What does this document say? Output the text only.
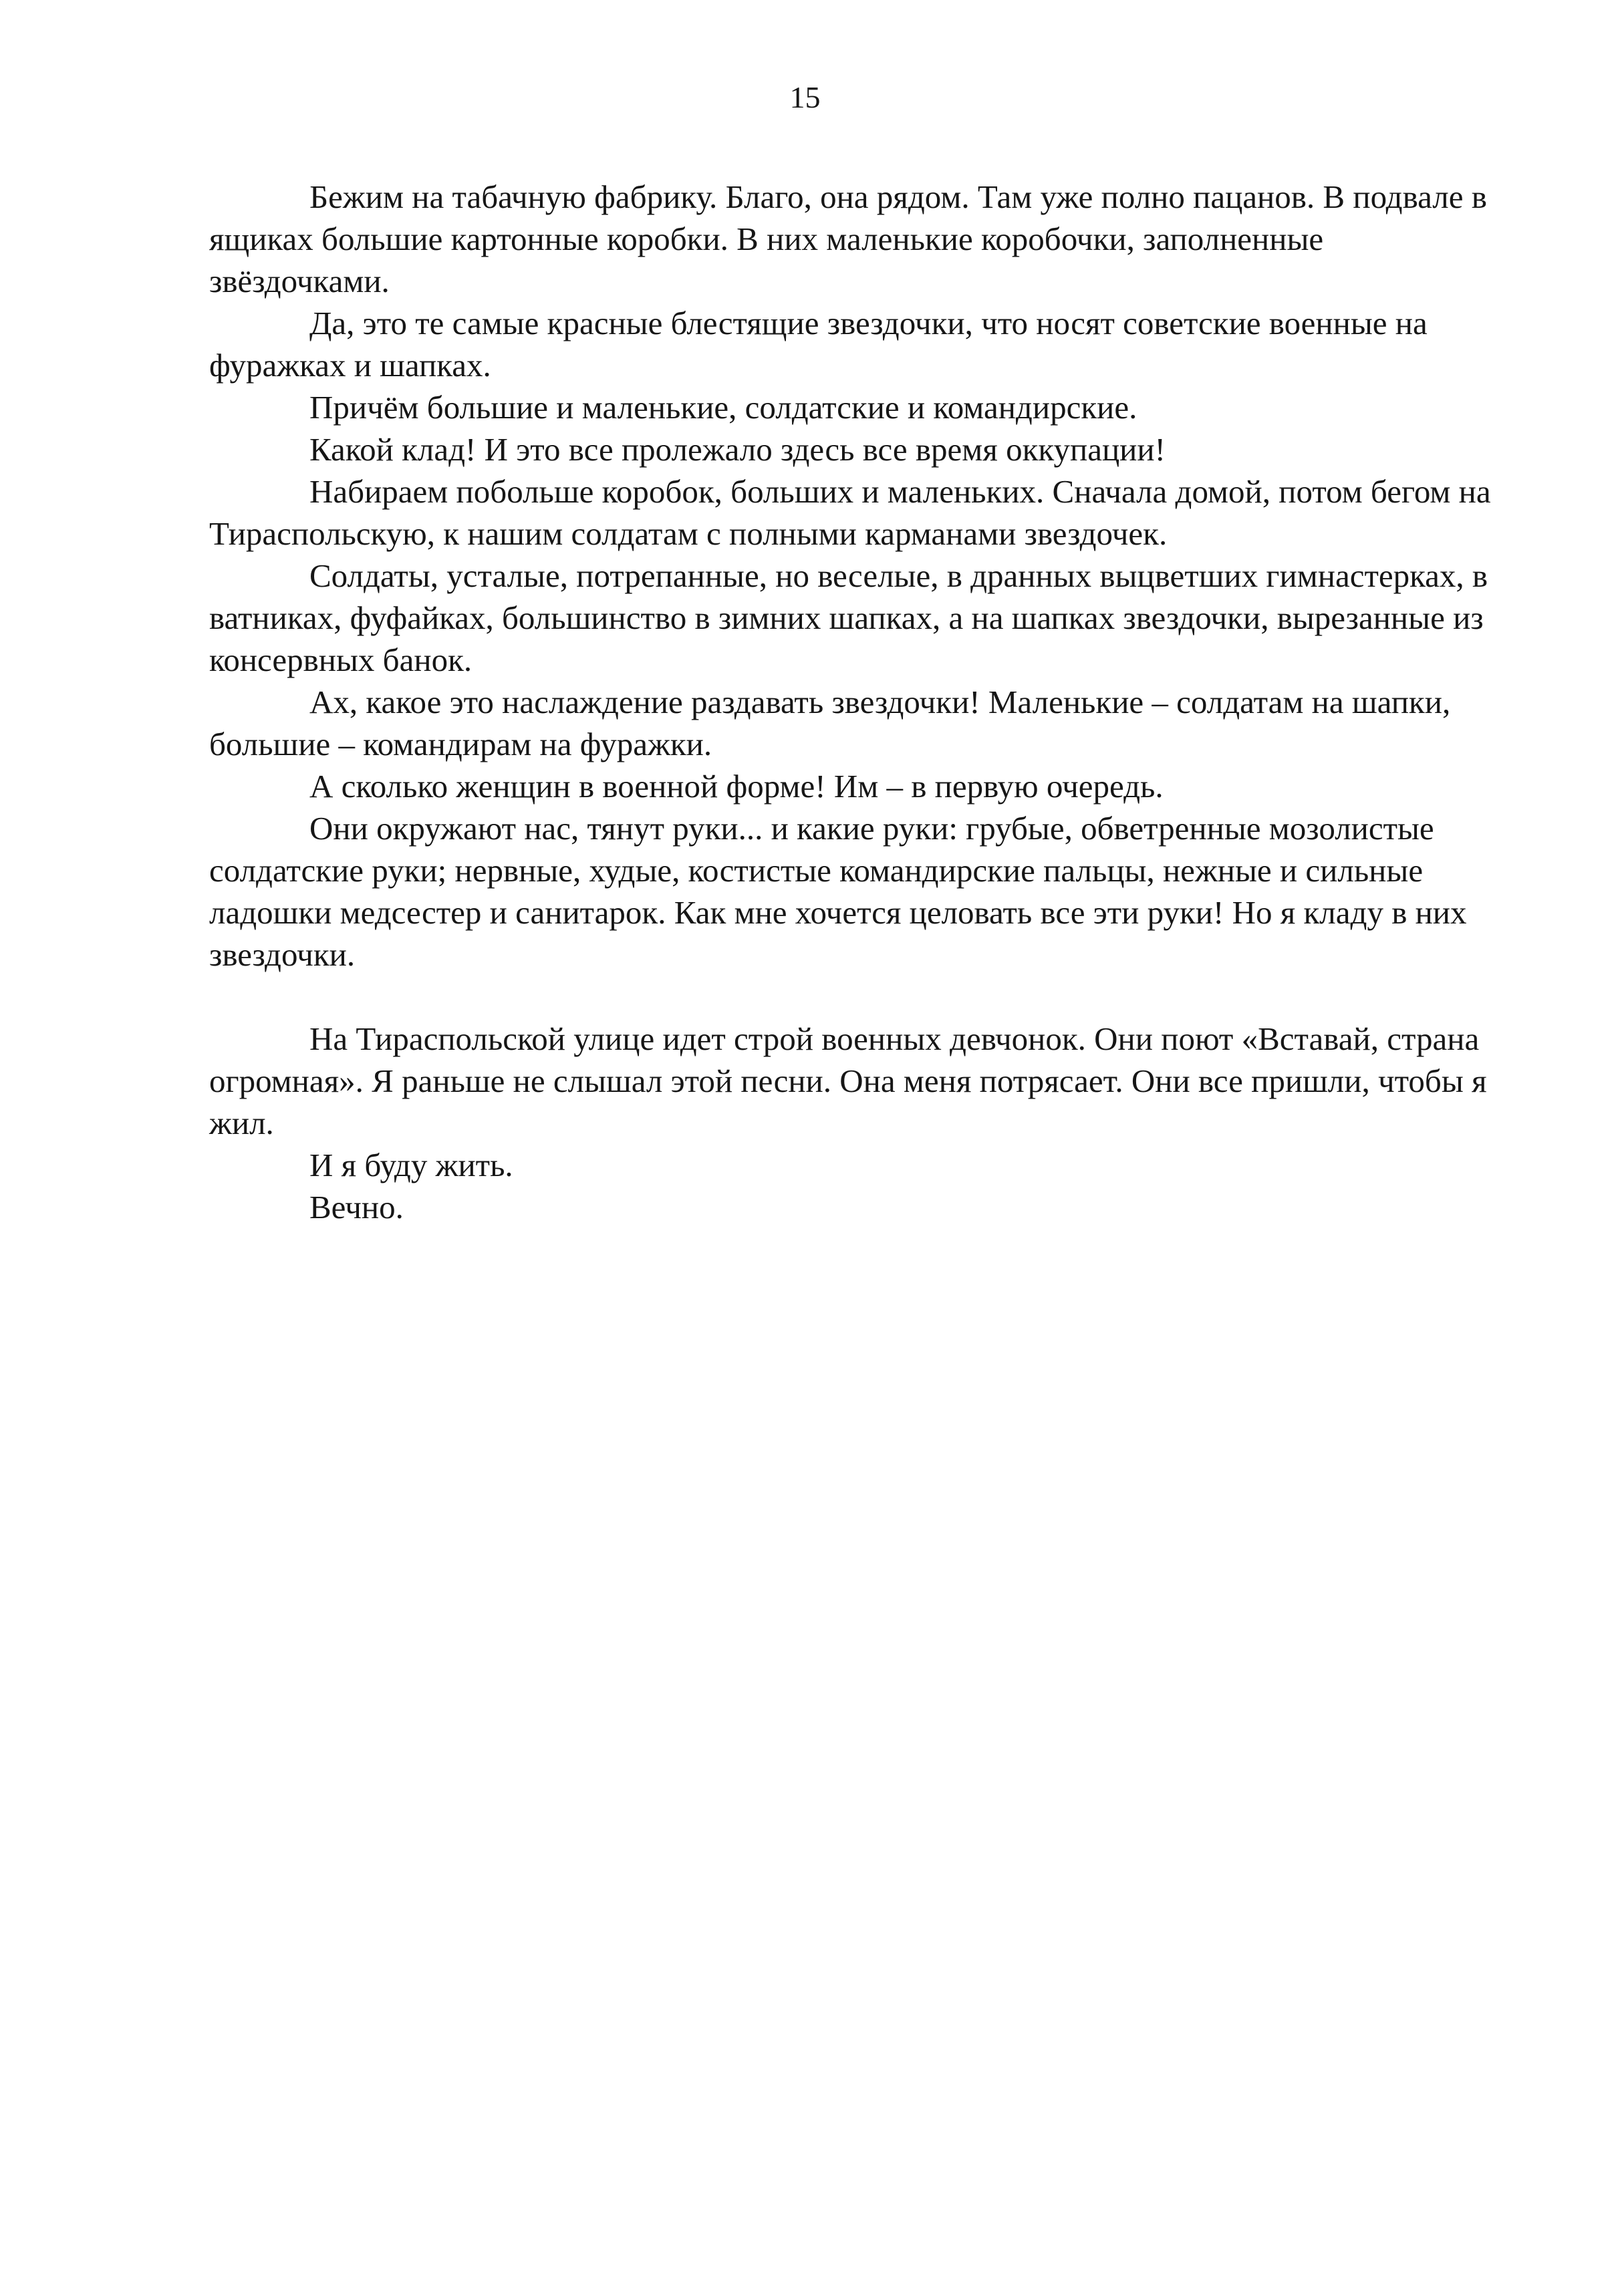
15

Бежим на табачную фабрику. Благо, она рядом. Там уже полно пацанов. В подвале в ящиках большие картонные коробки. В них маленькие коробочки, заполненные звёздочками.

Да, это те самые красные блестящие звездочки, что носят советские военные на фуражках и шапках.

Причём большие и маленькие, солдатские и командирские.

Какой клад! И это все пролежало здесь все время оккупации!

Набираем побольше коробок, больших и маленьких. Сначала домой, потом бегом на Тираспольскую, к нашим солдатам с полными карманами звездочек.

Солдаты, усталые, потрепанные, но веселые, в дранных выцветших гимнастерках, в ватниках, фуфайках, большинство в зимних шапках, а на шапках звездочки, вырезанные из консервных банок.

Ах, какое это наслаждение раздавать звездочки! Маленькие – солдатам на шапки, большие – командирам на фуражки.

А сколько женщин в военной форме! Им – в первую очередь.

Они окружают нас, тянут руки... и какие руки: грубые, обветренные мозолистые солдатские руки; нервные, худые, костистые командирские пальцы, нежные и сильные ладошки медсестер и санитарок. Как мне хочется целовать все эти руки! Но я кладу в них звездочки.

На Тираспольской улице идет строй военных девчонок. Они поют «Вставай, страна огромная». Я раньше не слышал этой песни. Она меня потрясает. Они все пришли, чтобы я жил.

И я буду жить.

Вечно.
